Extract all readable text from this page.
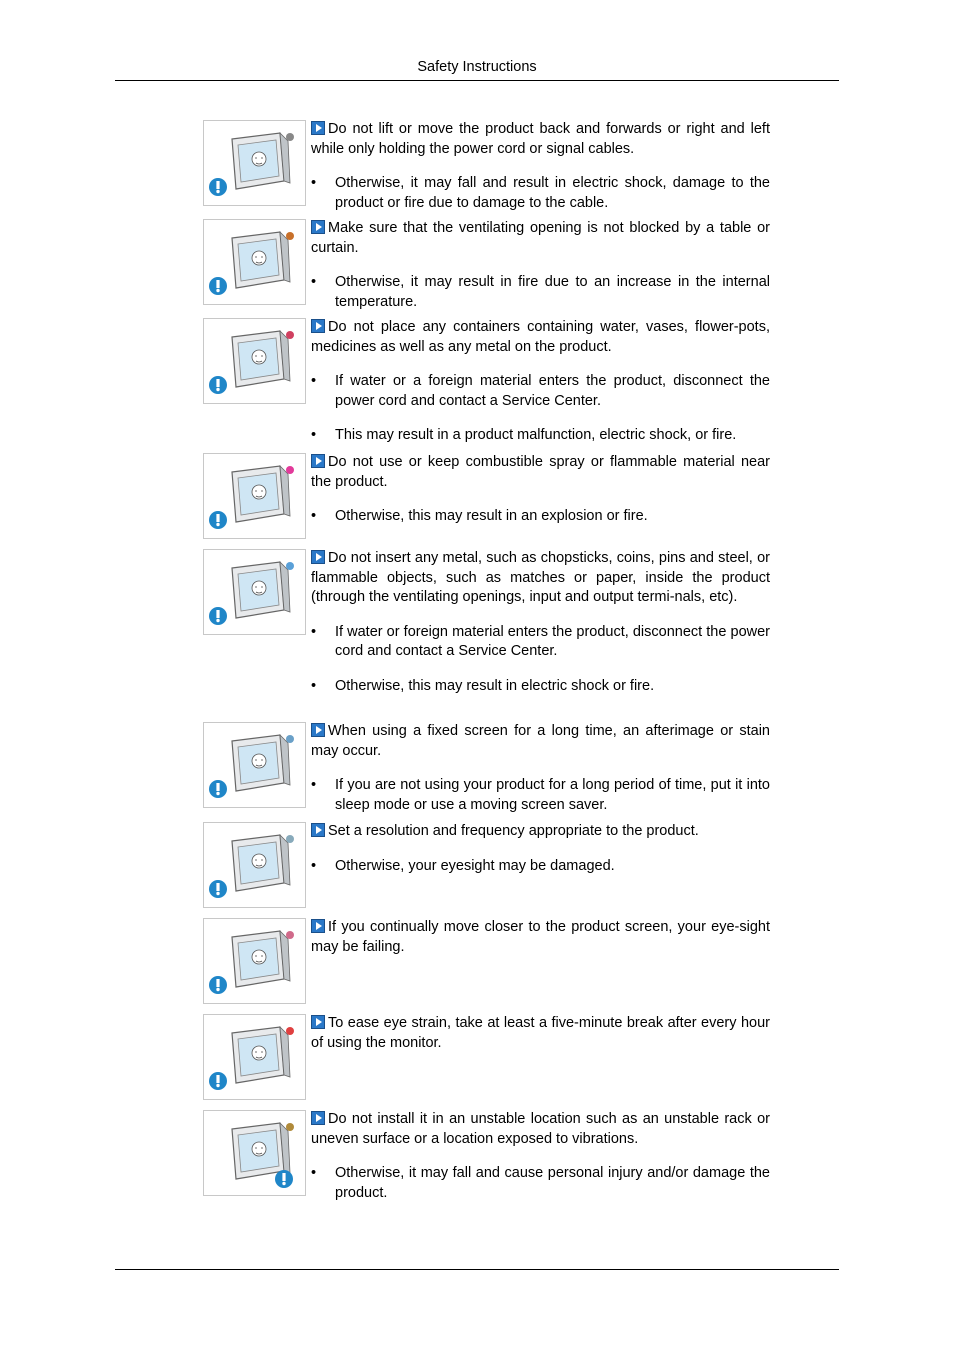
Safety Instructions

Do not lift or move the product back and forwards or right and left while only holding the power cord or signal cables.

• Otherwise, it may fall and result in electric shock, damage to the product or fire due to damage to the cable.

Make sure that the ventilating opening is not blocked by a table or curtain.

• Otherwise, it may result in fire due to an increase in the internal temperature.

Do not place any containers containing water, vases, flower-pots, medicines as well as any metal on the product.

• If water or a foreign material enters the product, disconnect the power cord and contact a Service Center.

• This may result in a product malfunction, electric shock, or fire.

Do not use or keep combustible spray or flammable material near the product.

• Otherwise, this may result in an explosion or fire.

Do not insert any metal, such as chopsticks, coins, pins and steel, or flammable objects, such as matches or paper, inside the product (through the ventilating openings, input and output termi-nals, etc).

• If water or foreign material enters the product, disconnect the power cord and contact a Service Center.

• Otherwise, this may result in electric shock or fire.

When using a fixed screen for a long time, an afterimage or stain may occur.

• If you are not using your product for a long period of time, put it into sleep mode or use a moving screen saver.

Set a resolution and frequency appropriate to the product.

• Otherwise, your eyesight may be damaged.

If you continually move closer to the product screen, your eye-sight may be failing.

To ease eye strain, take at least a five-minute break after every hour of using the monitor.

Do not install it in an unstable location such as an unstable rack or uneven surface or a location exposed to vibrations.

• Otherwise, it may fall and cause personal injury and/or damage the product.
